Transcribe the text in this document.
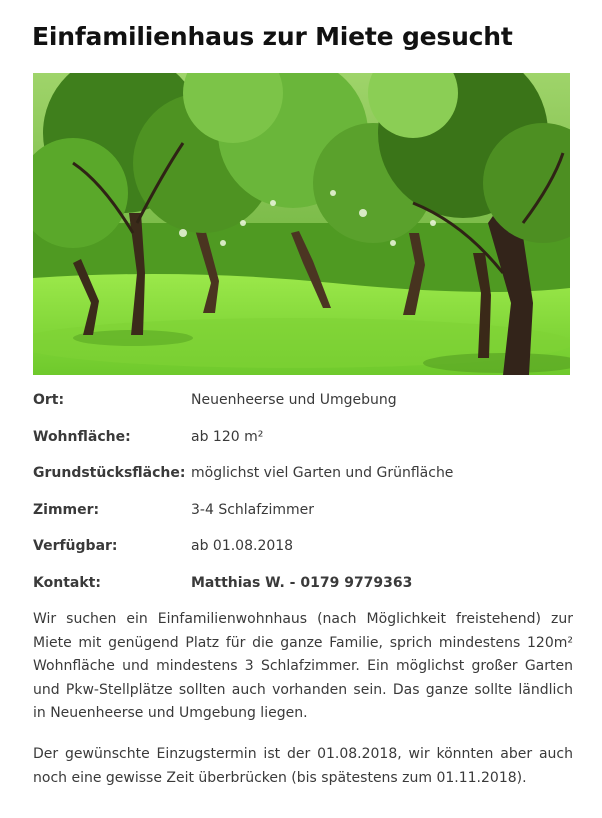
Einfamilienhaus zur Miete gesucht
Ort:	Neuenheerse und Umgebung
Wohnfläche:	ab 120 m²
Grundstücksfläche: möglichst viel Garten und Grünfläche
Zimmer:	3-4 Schlafzimmer
Verfügbar:	ab 01.08.2018
Kontakt:	Matthias W. - 0179 9779363

Wir suchen ein Einfamilienwohnhaus (nach Möglichkeit freistehend) zur Miete mit genügend Platz für die ganze Familie, sprich mindestens 120m² Wohnfläche und mindestens 3 Schlafzimmer. Ein möglichst großer Garten und Pkw-Stellplätze sollten auch vorhanden sein. Das ganze sollte ländlich in Neuenheerse und Umgebung liegen.

Der gewünschte Einzugstermin ist der 01.08.2018, wir könnten aber auch noch eine gewisse Zeit überbrücken (bis spätestens zum 01.11.2018).
